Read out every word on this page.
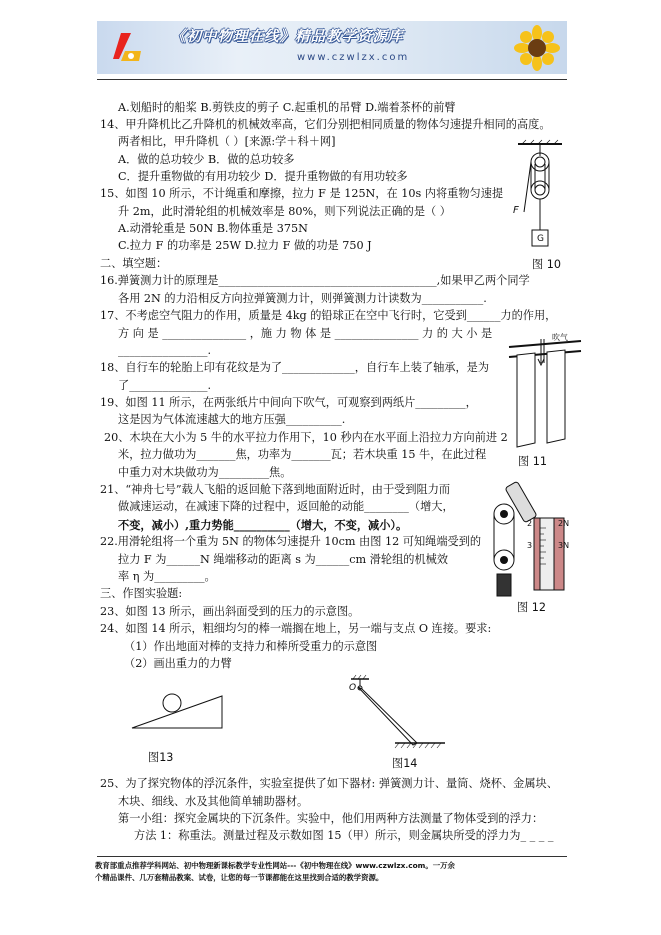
《初中物理在线》精品教学资源库
www.czwlzx.com
A.划船时的船桨 B.剪铁皮的剪子 C.起重机的吊臂 D.端着茶杯的前臂
14、甲升降机比乙升降机的机械效率高，它们分别把相同质量的物体匀速提升相同的高度。
两者相比，甲升降机（ ）[来源:学＋科＋网]
A．做的总功较少 B．做的总功较多
C．提升重物做的有用功较少 D．提升重物做的有用功较多
15、如图 10 所示，不计绳重和摩擦，拉力 F 是 125N，在 10s 内将重物匀速提
升 2m，此时滑轮组的机械效率是 80%，则下列说法正确的是（ ）
A.动滑轮重是 50N B.物体重是 375N
C.拉力 F 的功率是 25W D.拉力 F 做的功是 750 J
二、填空题：
16.弹簧测力计的原理是_______________________________________,如果甲乙两个同学
各用 2N 的力沿相反方向拉弹簧测力计，则弹簧测力计读数为___________.
17、不考虑空气阻力的作用，质量是 4kg 的铅球正在空中飞行时，它受到______力的作用，
方 向 是 _______________ ，施 力 物 体 是 _______________ 力 的 大 小 是
________________.
18、自行车的轮胎上印有花纹是为了_____________，自行车上装了轴承，是为
了______________.
19、如图 11 所示，在两张纸片中间向下吹气，可观察到两纸片_________，
这是因为气体流速越大的地方压强__________.
20、木块在大小为 5 牛的水平拉力作用下，10 秒内在水平面上沿拉力方向前进 2
米，拉力做功为_______焦，功率为_______瓦；若木块重 15 牛，在此过程
中重力对木块做功为_________焦。
21、“神舟七号”载人飞船的返回舱下落到地面附近时，由于受到阻力而
做减速运动，在减速下降的过程中，返回舱的动能________（增大，
不变，减小）,重力势能__________（增大，不变，减小）。
22.用滑轮组将一个重为 5N 的物体匀速提升 10cm 由图 12 可知绳端受到的
拉力 F 为______N 绳端移动的距离 s 为______cm 滑轮组的机械效
率 η 为_________。
三、作图实验题:
23、如图 13 所示，画出斜面受到的压力的示意图。
24、如图 14 所示，粗细均匀的棒一端搁在地上，另一端与支点 O 连接。要求:
（1）作出地面对棒的支持力和棒所受重力的示意图
（2）画出重力的力臂
25、为了探究物体的浮沉条件，实验室提供了如下器材: 弹簧测力计、量筒、烧杯、金属块、
木块、细线、水及其他简单辅助器材。
第一小组：探究金属块的下沉条件。实验中，他们用两种方法测量了物体受到的浮力：
方法 1：称重法。测量过程及示数如图 15（甲）所示，则金属块所受的浮力为_ _ _ _
F
G
图 10
吹气
图 11
2
3
2N
3N
图 12
图13
O
图14
教育部重点推荐学科网站、初中物理新课标教学专业性网站---《初中物理在线》www.czwlzx.com。一万余
个精品课件、几万套精品教案、试卷，让您的每一节课都能在这里找到合适的教学资源。
